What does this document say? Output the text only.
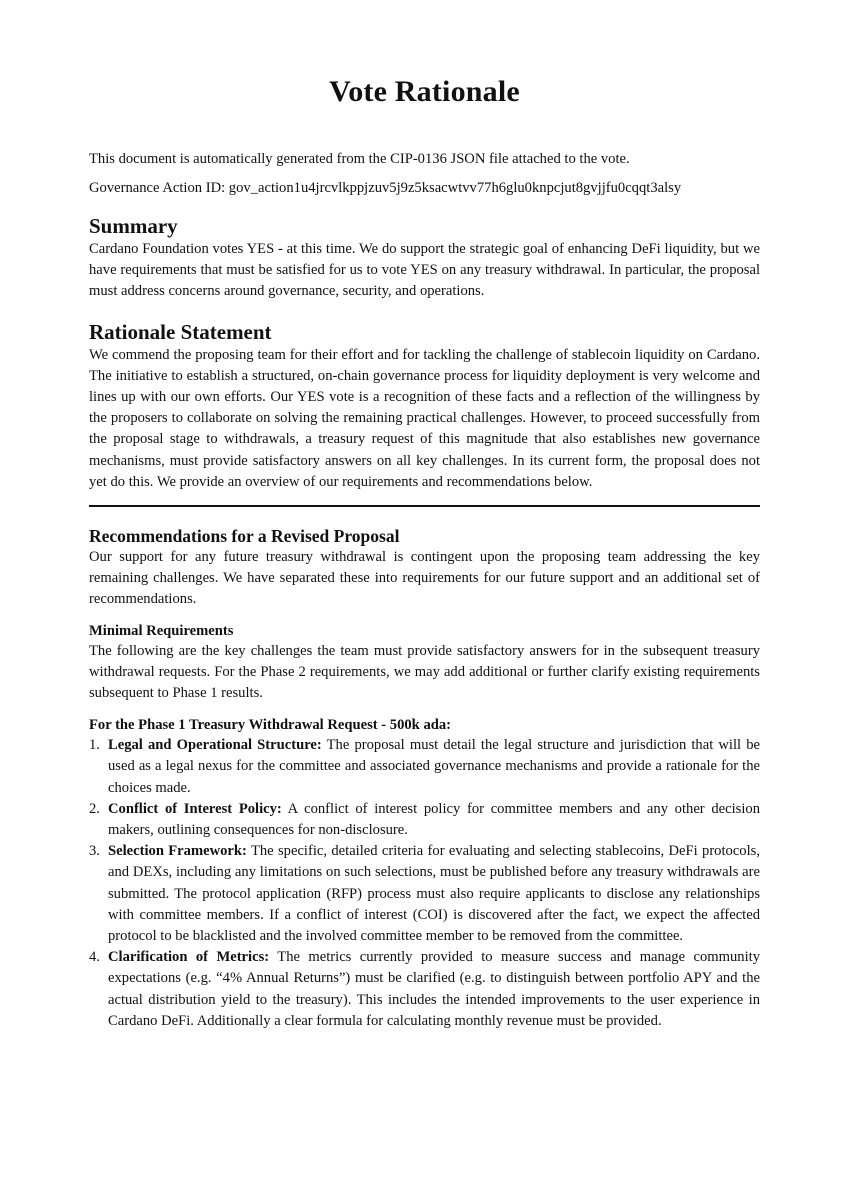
Vote Rationale

This document is automatically generated from the CIP-0136 JSON file attached to the vote.

Governance Action ID: gov_action1u4jrcvlkppjzuv5j9z5ksacwtvv77h6glu0knpcjut8gvjjfu0cqqt3alsy

Summary

Cardano Foundation votes YES - at this time. We do support the strategic goal of enhancing DeFi liquidity, but we have requirements that must be satisfied for us to vote YES on any treasury withdrawal. In particular, the proposal must address concerns around governance, security, and operations.

Rationale Statement

We commend the proposing team for their effort and for tackling the challenge of stablecoin liquidity on Cardano. The initiative to establish a structured, on-chain governance process for liquidity deployment is very welcome and lines up with our own efforts. Our YES vote is a recognition of these facts and a reflection of the willingness by the proposers to collaborate on solving the remaining practical challenges. However, to proceed successfully from the proposal stage to withdrawals, a treasury request of this magnitude that also establishes new governance mechanisms, must provide satisfactory answers on all key challenges. In its current form, the proposal does not yet do this. We provide an overview of our requirements and recommendations below.

Recommendations for a Revised Proposal

Our support for any future treasury withdrawal is contingent upon the proposing team addressing the key remaining challenges. We have separated these into requirements for our future support and an additional set of recommendations.

Minimal Requirements

The following are the key challenges the team must provide satisfactory answers for in the subsequent treasury withdrawal requests. For the Phase 2 requirements, we may add additional or further clarify existing requirements subsequent to Phase 1 results.

For the Phase 1 Treasury Withdrawal Request - 500k ada:
1. Legal and Operational Structure: The proposal must detail the legal structure and jurisdiction that will be used as a legal nexus for the committee and associated governance mechanisms and provide a rationale for the choices made.
2. Conflict of Interest Policy: A conflict of interest policy for committee members and any other decision makers, outlining consequences for non-disclosure.
3. Selection Framework: The specific, detailed criteria for evaluating and selecting stablecoins, DeFi protocols, and DEXs, including any limitations on such selections, must be published before any treasury withdrawals are submitted. The protocol application (RFP) process must also require applicants to disclose any relationships with committee members. If a conflict of interest (COI) is discovered after the fact, we expect the affected protocol to be blacklisted and the involved committee member to be removed from the committee.
4. Clarification of Metrics: The metrics currently provided to measure success and manage community expectations (e.g. “4% Annual Returns”) must be clarified (e.g. to distinguish between portfolio APY and the actual distribution yield to the treasury). This includes the intended improvements to the user experience in Cardano DeFi. Additionally a clear formula for calculating monthly revenue must be provided.
